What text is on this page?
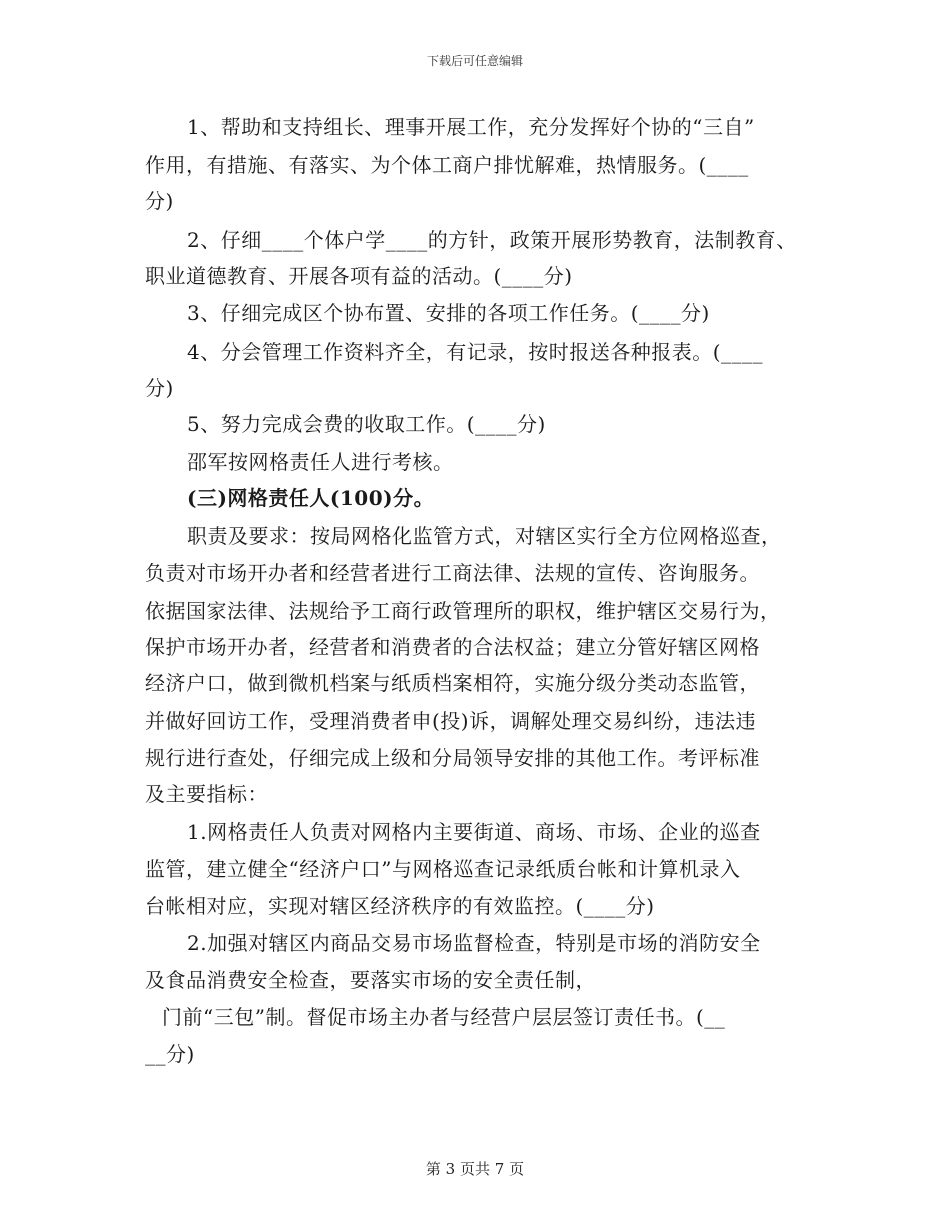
下载后可任意编辑
1、帮助和支持组长、理事开展工作，充分发挥好个协的“三自”
作用，有措施、有落实、为个体工商户排忧解难，热情服务。(____
分)
2、仔细____个体户学____的方针，政策开展形势教育，法制教育、
职业道德教育、开展各项有益的活动。(____分)
3、仔细完成区个协布置、安排的各项工作任务。(____分)
4、分会管理工作资料齐全，有记录，按时报送各种报表。(____
分)
5、努力完成会费的收取工作。(____分)
邵军按网格责任人进行考核。
(三)网格责任人(100)分。
职责及要求：按局网格化监管方式，对辖区实行全方位网格巡查，
负责对市场开办者和经营者进行工商法律、法规的宣传、咨询服务。
依据国家法律、法规给予工商行政管理所的职权，维护辖区交易行为，
保护市场开办者，经营者和消费者的合法权益；建立分管好辖区网格
经济户口，做到微机档案与纸质档案相符，实施分级分类动态监管，
并做好回访工作，受理消费者申(投)诉，调解处理交易纠纷，违法违
规行进行查处，仔细完成上级和分局领导安排的其他工作。考评标准
及主要指标：
1.网格责任人负责对网格内主要街道、商场、市场、企业的巡查
监管，建立健全“经济户口”与网格巡查记录纸质台帐和计算机录入
台帐相对应，实现对辖区经济秩序的有效监控。(____分)
2.加强对辖区内商品交易市场监督检查，特别是市场的消防安全
及食品消费安全检查，要落实市场的安全责任制，
门前“三包”制。督促市场主办者与经营户层层签订责任书。(__
__分)
第 3 页共 7 页
